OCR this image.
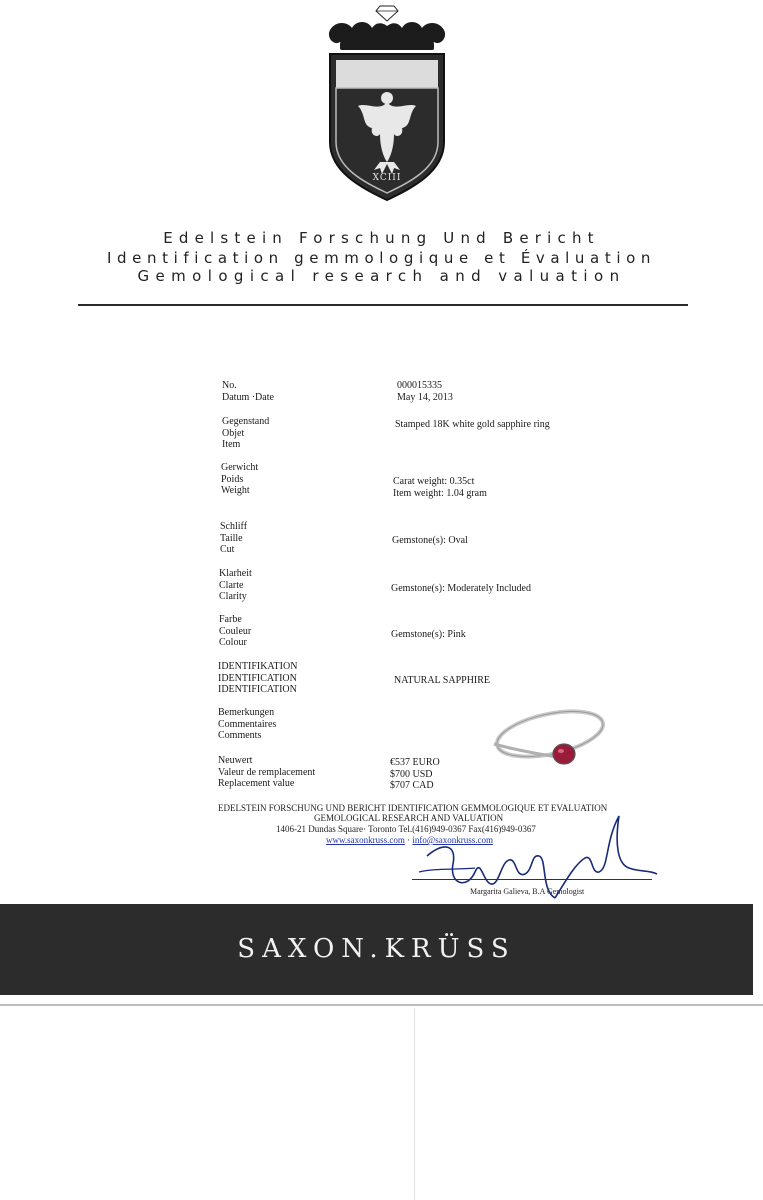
XCIII
Edelstein Forschung Und Bericht
Identification gemmologique et Évaluation
Gemological research and valuation
No.
Datum ·Date
000015335
May 14, 2013
Gegenstand
Objet
Item
Stamped 18K white gold sapphire ring
Gerwicht
Poids
Weight
Carat weight: 0.35ct
Item weight: 1.04 gram
Schliff
Taille
Cut
Gemstone(s): Oval
Klarheit
Clarte
Clarity
Gemstone(s): Moderately Included
Farbe
Couleur
Colour
Gemstone(s): Pink
IDENTIFIKATION
IDENTIFICATION
IDENTIFICATION
NATURAL SAPPHIRE
Bemerkungen
Commentaires
Comments
Neuwert
Valeur de remplacement
Replacement value
€537 EURO
$700 USD
$707 CAD
EDELSTEIN FORSCHUNG UND BERICHT IDENTIFICATION GEMMOLOGIQUE ET EVALUATION
GEMOLOGICAL RESEARCH AND VALUATION
1406-21 Dundas Square· Toronto Tel.(416)949-0367 Fax(416)949-0367
www.saxonkruss.com · info@saxonkruss.com
Margarita Galieva, B.A Gemologist
SAXON.KRÜSS
